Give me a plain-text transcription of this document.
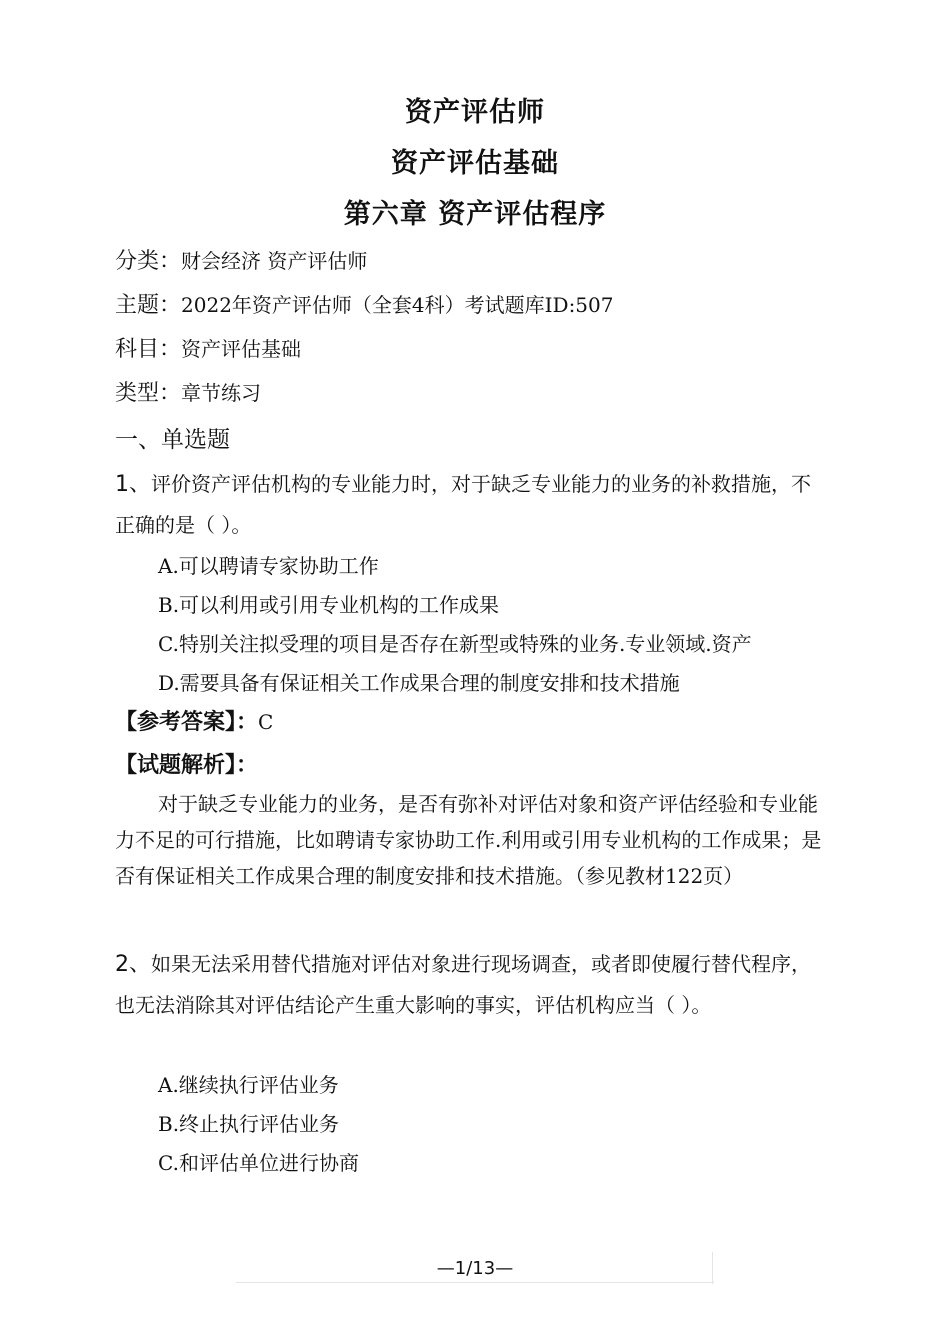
资产评估师
资产评估基础
第六章 资产评估程序
分类：财会经济 资产评估师
主题：2022年资产评估师（全套4科）考试题库ID:507
科目：资产评估基础
类型：章节练习
一、单选题
1、评价资产评估机构的专业能力时，对于缺乏专业能力的业务的补救措施，不正确的是（ ）。
A.可以聘请专家协助工作
B.可以利用或引用专业机构的工作成果
C.特别关注拟受理的项目是否存在新型或特殊的业务.专业领域.资产
D.需要具备有保证相关工作成果合理的制度安排和技术措施
【参考答案】：C
【试题解析】：
对于缺乏专业能力的业务，是否有弥补对评估对象和资产评估经验和专业能力不足的可行措施，比如聘请专家协助工作.利用或引用专业机构的工作成果；是否有保证相关工作成果合理的制度安排和技术措施。（参见教材122页）
2、如果无法采用替代措施对评估对象进行现场调查，或者即使履行替代程序，也无法消除其对评估结论产生重大影响的事实，评估机构应当（ ）。
A.继续执行评估业务
B.终止执行评估业务
C.和评估单位进行协商
—1/13—
